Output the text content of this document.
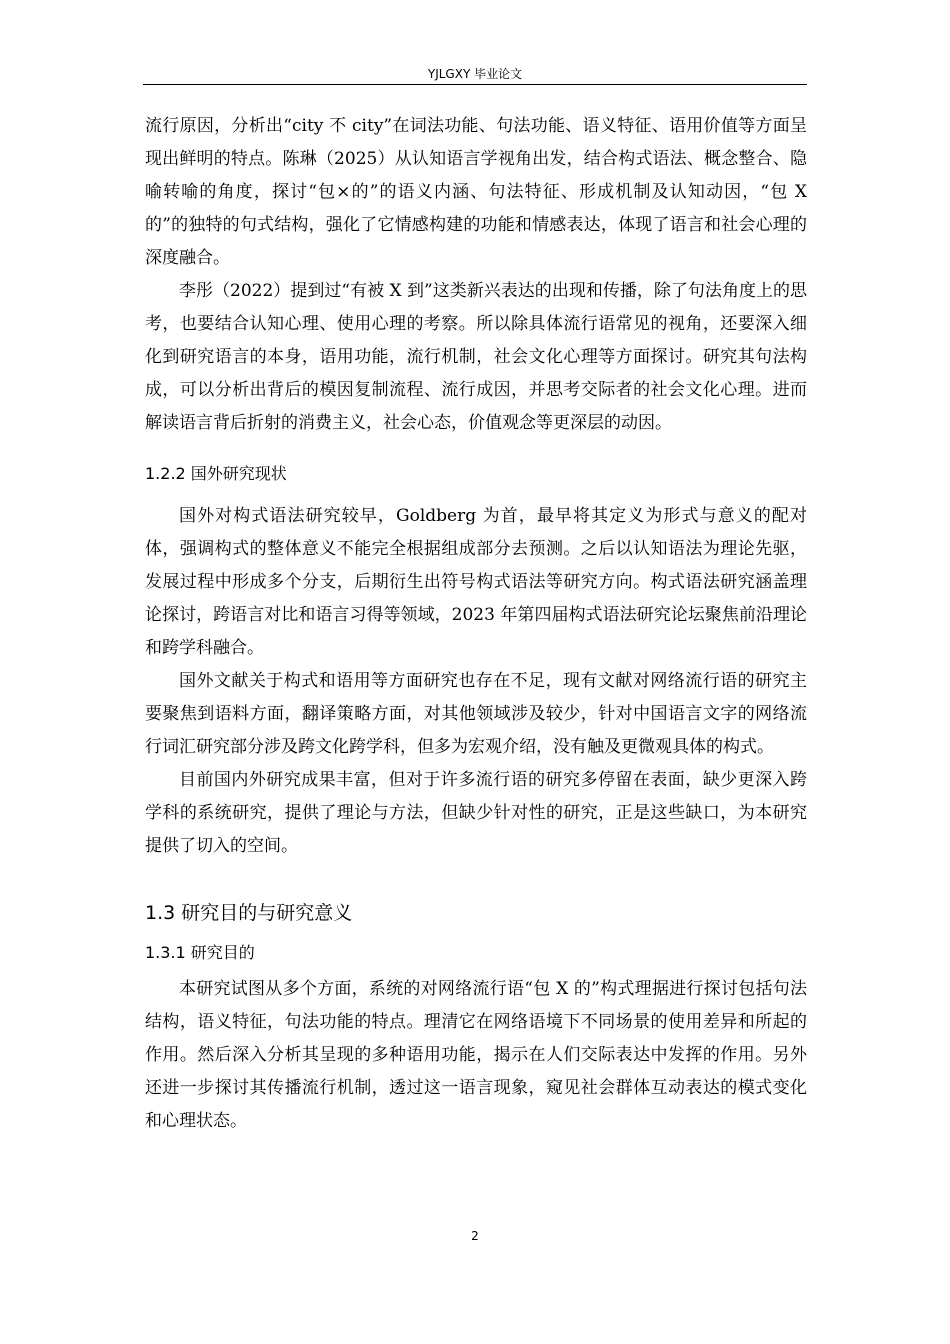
YJLGXY 毕业论文

流行原因，分析出“city 不 city”在词法功能、句法功能、语义特征、语用价值等方面呈现出鲜明的特点。陈琳（2025）从认知语言学视角出发，结合构式语法、概念整合、隐喻转喻的角度，探讨“包×的”的语义内涵、句法特征、形成机制及认知动因，“包 X 的”的独特的句式结构，强化了它情感构建的功能和情感表达，体现了语言和社会心理的深度融合。

李彤（2022）提到过“有被 X 到”这类新兴表达的出现和传播，除了句法角度上的思考，也要结合认知心理、使用心理的考察。所以除具体流行语常见的视角，还要深入细化到研究语言的本身，语用功能，流行机制，社会文化心理等方面探讨。研究其句法构成，可以分析出背后的模因复制流程、流行成因，并思考交际者的社会文化心理。进而解读语言背后折射的消费主义，社会心态，价值观念等更深层的动因。

1.2.2 国外研究现状

国外对构式语法研究较早，Goldberg 为首，最早将其定义为形式与意义的配对体，强调构式的整体意义不能完全根据组成部分去预测。之后以认知语法为理论先驱，发展过程中形成多个分支，后期衍生出符号构式语法等研究方向。构式语法研究涵盖理论探讨，跨语言对比和语言习得等领域，2023 年第四届构式语法研究论坛聚焦前沿理论和跨学科融合。

国外文献关于构式和语用等方面研究也存在不足，现有文献对网络流行语的研究主要聚焦到语料方面，翻译策略方面，对其他领域涉及较少，针对中国语言文字的网络流行词汇研究部分涉及跨文化跨学科，但多为宏观介绍，没有触及更微观具体的构式。

目前国内外研究成果丰富，但对于许多流行语的研究多停留在表面，缺少更深入跨学科的系统研究，提供了理论与方法，但缺少针对性的研究，正是这些缺口，为本研究提供了切入的空间。

1.3 研究目的与研究意义
1.3.1 研究目的

本研究试图从多个方面，系统的对网络流行语“包 X 的”构式理据进行探讨包括句法结构，语义特征，句法功能的特点。理清它在网络语境下不同场景的使用差异和所起的作用。然后深入分析其呈现的多种语用功能，揭示在人们交际表达中发挥的作用。另外还进一步探讨其传播流行机制，透过这一语言现象，窥见社会群体互动表达的模式变化和心理状态。

2
